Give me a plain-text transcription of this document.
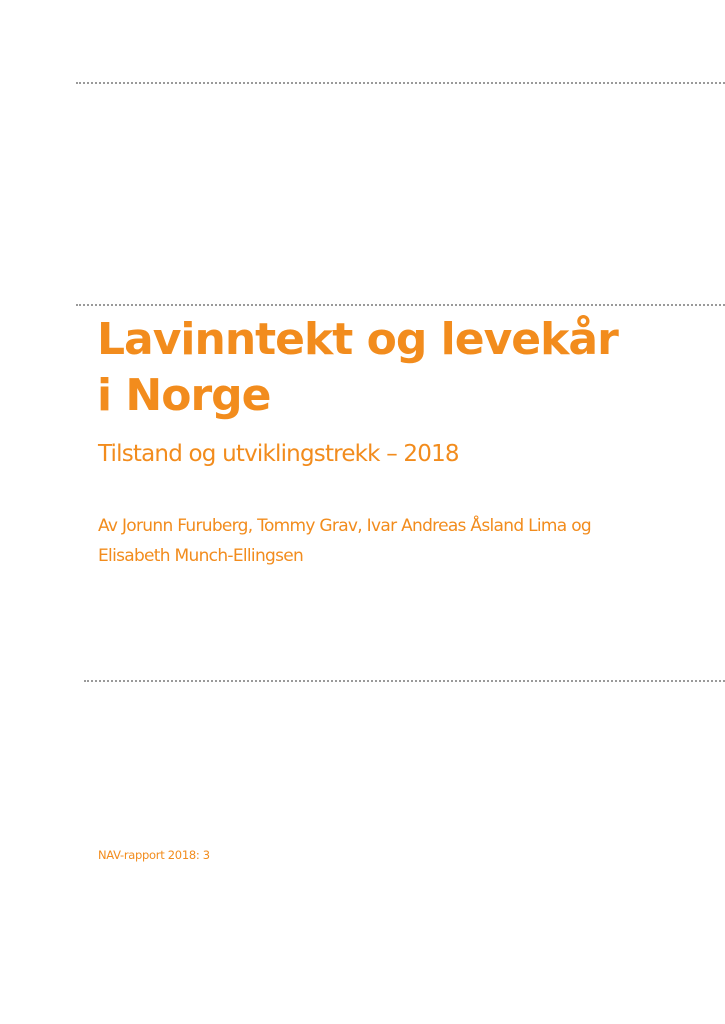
Lavinntekt og levekår
i Norge
Tilstand og utviklingstrekk – 2018

Av Jorunn Furuberg, Tommy Grav, Ivar Andreas Åsland Lima og
Elisabeth Munch-Ellingsen

NAV-rapport 2018: 3
